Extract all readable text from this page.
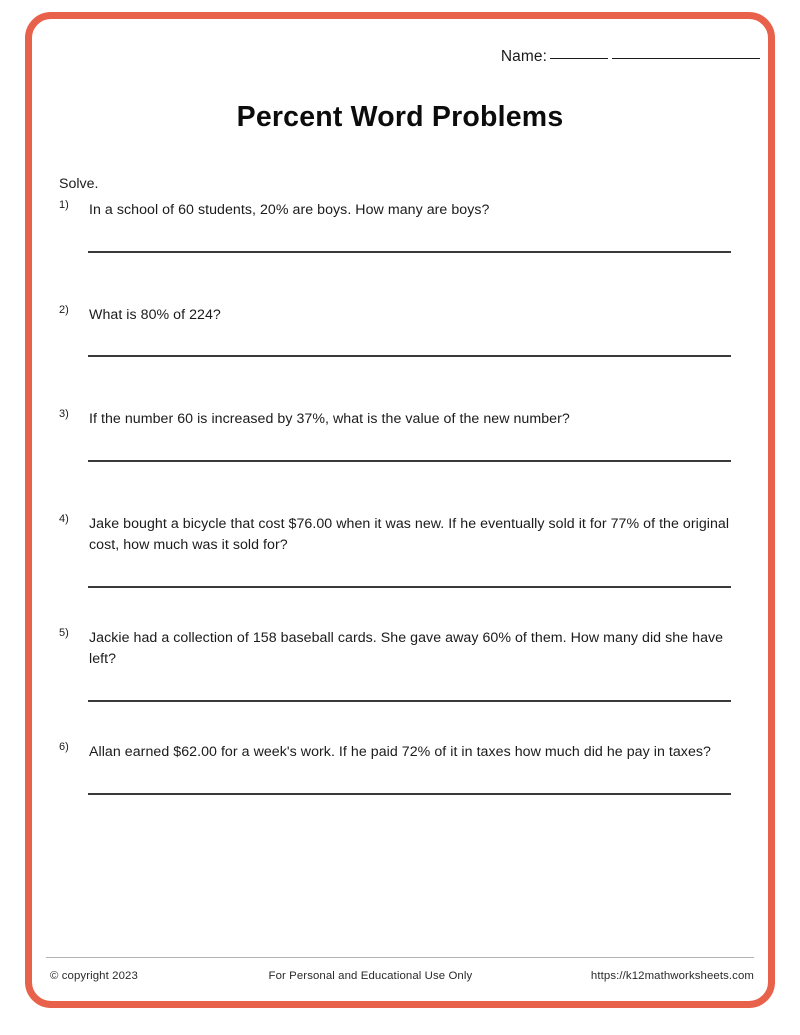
Name:
Percent Word Problems
Solve.
1)	In a school of 60 students, 20% are boys. How many are boys?
2)	What is 80% of 224?
3)	If the number 60 is increased by 37%, what is the value of the new number?
4)	Jake bought a bicycle that cost $76.00 when it was new. If he eventually sold it for 77% of the original cost, how much was it sold for?
5)	Jackie had a collection of 158 baseball cards. She gave away 60% of them. How many did she have left?
6)	Allan earned $62.00 for a week's work. If he paid 72% of it in taxes how much did he pay in taxes?
© copyright 2023	For Personal and Educational Use Only	https://k12mathworksheets.com
